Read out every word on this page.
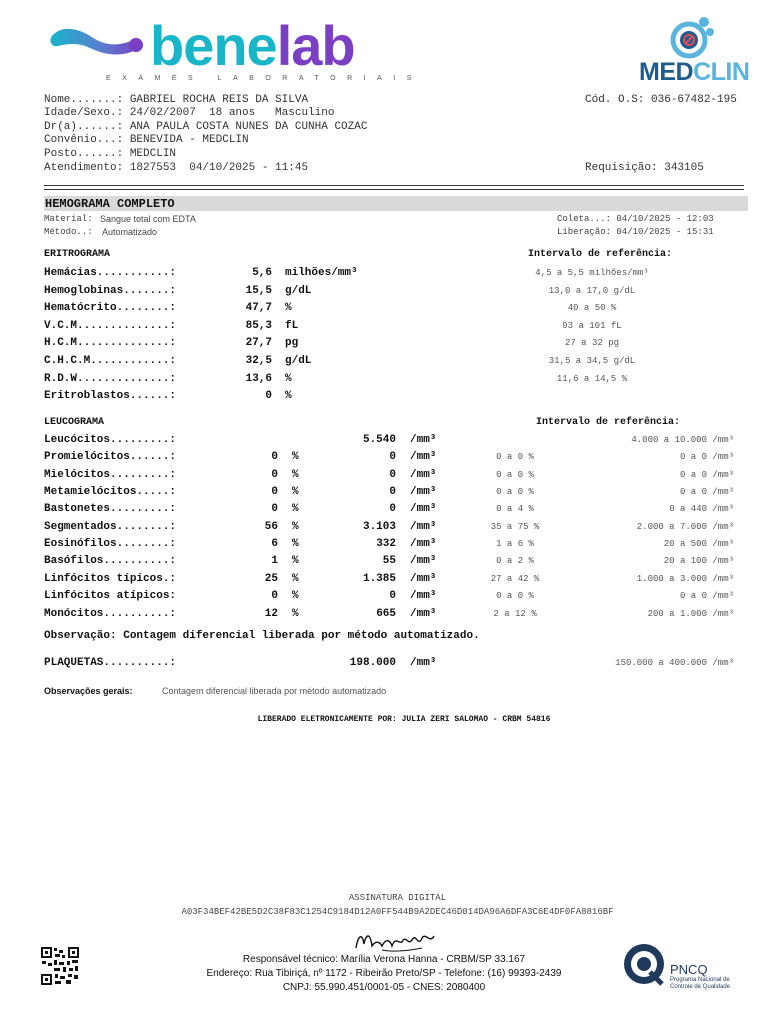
benelab
EXAMES LABORATORIAIS	MEDCLIN
Nome.......: GABRIEL ROCHA REIS DA SILVA
Idade/Sexo.: 24/02/2007  18 anos   Masculino
Dr(a)......: ANA PAULA COSTA NUNES DA CUNHA COZAC
Convênio...: BENEVIDA - MEDCLIN
Posto......: MEDCLIN
Atendimento: 1827553  04/10/2025 - 11:45
Cód. O.S: 036-67482-195
Requisição: 343105
HEMOGRAMA COMPLETO
Material: Sangue total com EDTA
Método..: Automatizado
Coleta...: 04/10/2025 - 12:03
Liberação: 04/10/2025 - 15:31
ERITROGRAMA	Intervalo de referência:
Hemácias...........:	5,6 milhões/mm³	4,5 a 5,5 milhões/mm³
Hemoglobinas.......:	15,5 g/dL	13,0 a 17,0 g/dL
Hematócrito........:	47,7 %	40 a 50 %
V.C.M..............:	85,3 fL	93 a 101 fL
H.C.M..............:	27,7 pg	27 a 32 pg
C.H.C.M............:	32,5 g/dL	31,5 a 34,5 g/dL
R.D.W..............:	13,6 %	11,6 a 14,5 %
Eritroblastos......:	0 %
LEUCOGRAMA	Intervalo de referência:
Leucócitos.........:	5.540 /mm³	4.000 a 10.000 /mm³
Promielócitos......:	0 %	0 /mm³	0 a 0 %	0 a 0 /mm³
Mielócitos.........:	0 %	0 /mm³	0 a 0 %	0 a 0 /mm³
Metamielócitos.....:	0 %	0 /mm³	0 a 0 %	0 a 0 /mm³
Bastonetes.........:	0 %	0 /mm³	0 a 4 %	0 a 440 /mm³
Segmentados........:	56 %	3.103 /mm³	35 a 75 %	2.000 a 7.000 /mm³
Eosinófilos........:	6 %	332 /mm³	1 a 6 %	20 a 500 /mm³
Basófilos..........:	1 %	55 /mm³	0 a 2 %	20 a 100 /mm³
Linfócitos típicos.:	25 %	1.385 /mm³	27 a 42 %	1.000 a 3.000 /mm³
Linfócitos atípicos:	0 %	0 /mm³	0 a 0 %	0 a 0 /mm³
Monócitos..........:	12 %	665 /mm³	2 a 12 %	200 a 1.000 /mm³
Observação: Contagem diferencial liberada por método automatizado.
PLAQUETAS..........:	198.000 /mm³	150.000 a 400.000 /mm³
Observações gerais:	Contagem diferencial liberada por método automatizado
LIBERADO ELETRONICAMENTE POR: JULIA ZERI SALOMAO - CRBM 54816
ASSINATURA DIGITAL
A03F34BEF42BE5D2C38F83C1254C9184D12A0FF544B9A2DEC46D014DA96A6DFA3C6E4DF0FA8816BF
Responsável técnico: Marília Verona Hanna - CRBM/SP 33.167
Endereço: Rua Tibiriçá, nº 1172 - Ribeirão Preto/SP - Telefone: (16) 99393-2439
CNPJ: 55.990.451/0001-05 - CNES: 2080400
PNCQ
Programa Nacional de
Controle de Qualidade
